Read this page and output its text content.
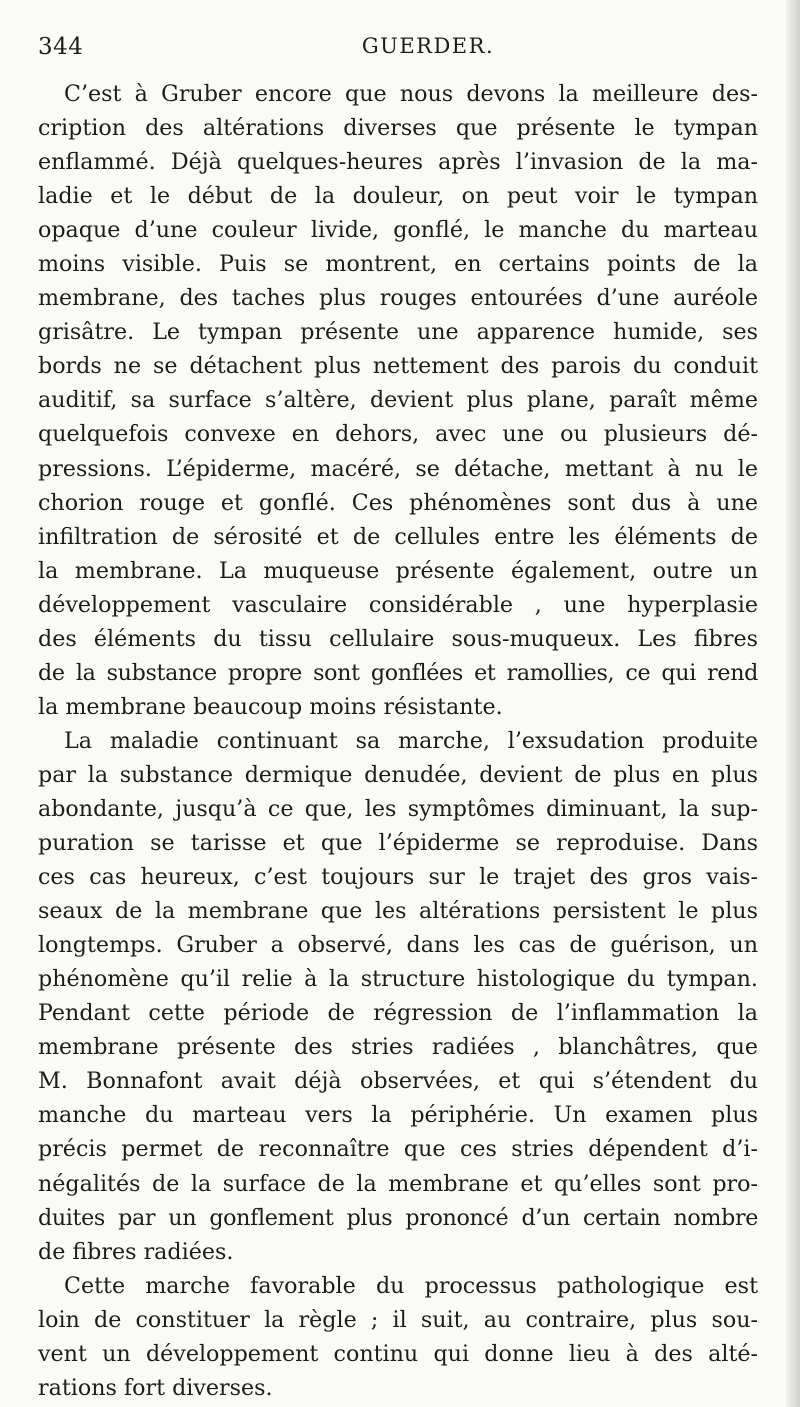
344	GUERDER.
C’est à Gruber encore que nous devons la meilleure des-
cription des altérations diverses que présente le tympan
enflammé. Déjà quelques-heures après l’invasion de la ma-
ladie et le début de la douleur, on peut voir le tympan
opaque d’une couleur livide, gonflé, le manche du marteau
moins visible. Puis se montrent, en certains points de la
membrane, des taches plus rouges entourées d’une auréole
grisâtre. Le tympan présente une apparence humide, ses
bords ne se détachent plus nettement des parois du conduit
auditif, sa surface s’altère, devient plus plane, paraît même
quelquefois convexe en dehors, avec une ou plusieurs dé-
pressions. L’épiderme, macéré, se détache, mettant à nu le
chorion rouge et gonflé. Ces phénomènes sont dus à une
infiltration de sérosité et de cellules entre les éléments de
la membrane. La muqueuse présente également, outre un
développement vasculaire considérable , une hyperplasie
des éléments du tissu cellulaire sous-muqueux. Les fibres
de la substance propre sont gonflées et ramollies, ce qui rend
la membrane beaucoup moins résistante.
La maladie continuant sa marche, l’exsudation produite
par la substance dermique denudée, devient de plus en plus
abondante, jusqu’à ce que, les symptômes diminuant, la sup-
puration se tarisse et que l’épiderme se reproduise. Dans
ces cas heureux, c’est toujours sur le trajet des gros vais-
seaux de la membrane que les altérations persistent le plus
longtemps. Gruber a observé, dans les cas de guérison, un
phénomène qu’il relie à la structure histologique du tympan.
Pendant cette période de régression de l’inflammation la
membrane présente des stries radiées , blanchâtres, que
M. Bonnafont avait déjà observées, et qui s’étendent du
manche du marteau vers la périphérie. Un examen plus
précis permet de reconnaître que ces stries dépendent d’i-
négalités de la surface de la membrane et qu’elles sont pro-
duites par un gonflement plus prononcé d’un certain nombre
de fibres radiées.
Cette marche favorable du processus pathologique est
loin de constituer la règle ; il suit, au contraire, plus sou-
vent un développement continu qui donne lieu à des alté-
rations fort diverses.
